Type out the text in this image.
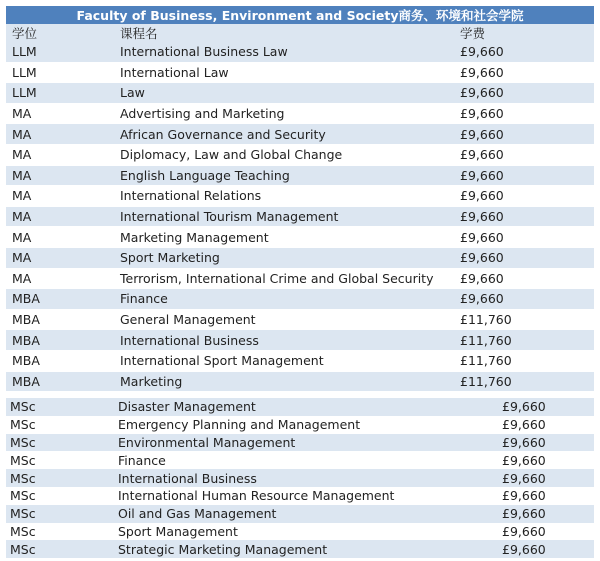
Faculty of Business, Environment and Society商务、环境和社会学院		
学位	课程名	学费
LLM	International Business Law	£9,660
LLM	International Law	£9,660
LLM	Law	£9,660
MA	Advertising and Marketing	£9,660
MA	African Governance and Security	£9,660
MA	Diplomacy, Law and Global Change	£9,660
MA	English Language Teaching	£9,660
MA	International Relations	£9,660
MA	International Tourism Management	£9,660
MA	Marketing Management	£9,660
MA	Sport Marketing	£9,660
MA	Terrorism, International Crime and Global Security	£9,660
MBA	Finance	£9,660
MBA	General Management	£11,760
MBA	International Business	£11,760
MBA	International Sport Management	£11,760
MBA	Marketing	£11,760
MSc	Disaster Management	£9,660
MSc	Emergency Planning and Management	£9,660
MSc	Environmental Management	£9,660
MSc	Finance	£9,660
MSc	International Business	£9,660
MSc	International Human Resource Management	£9,660
MSc	Oil and Gas Management	£9,660
MSc	Sport Management	£9,660
MSc	Strategic Marketing Management	£9,660
